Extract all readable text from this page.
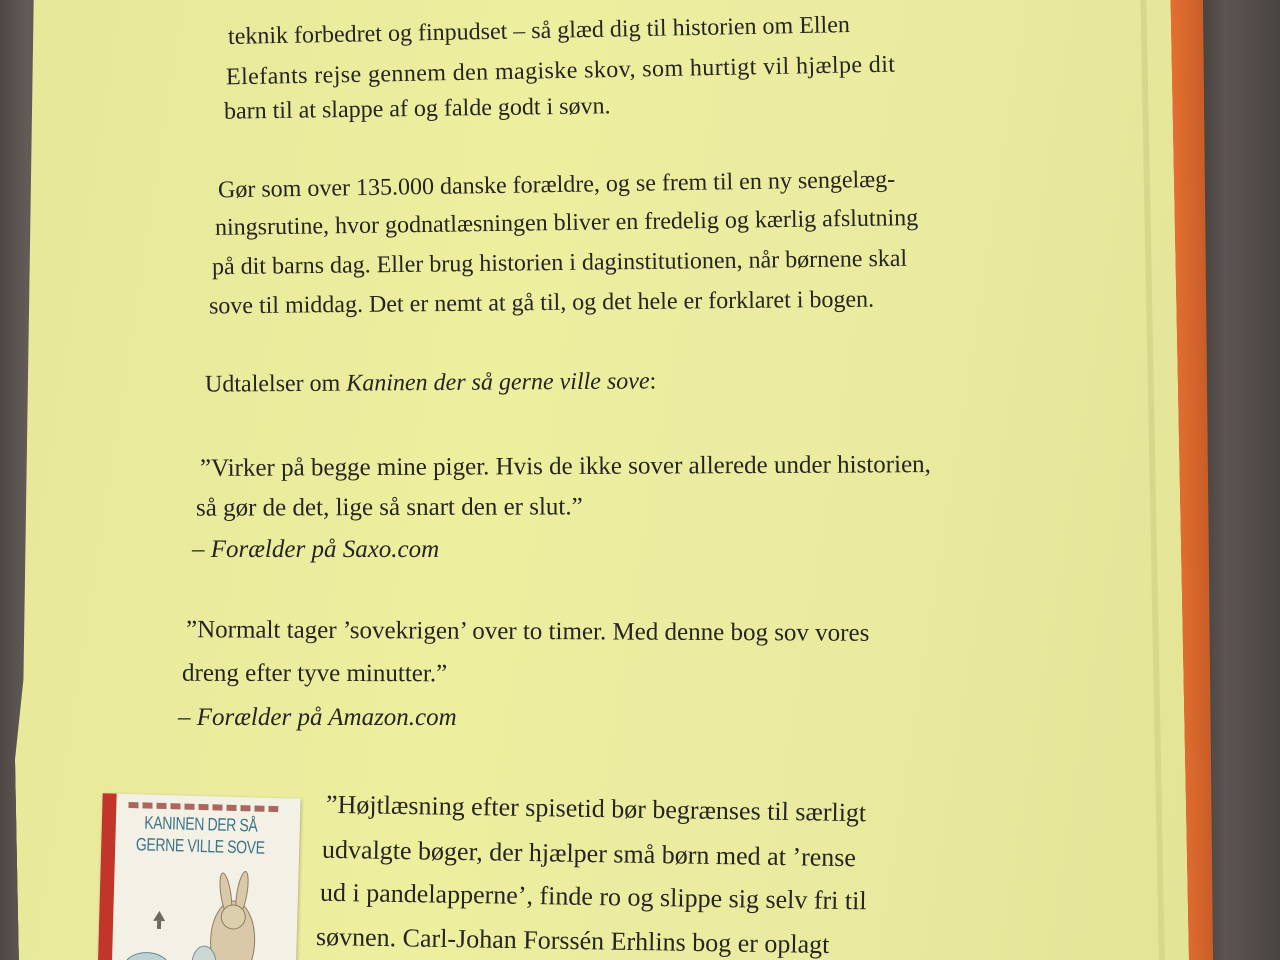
teknik forbedret og finpudset – så glæd dig til historien om Ellen
Elefants rejse gennem den magiske skov, som hurtigt vil hjælpe dit
barn til at slappe af og falde godt i søvn.
Gør som over 135.000 danske forældre, og se frem til en ny sengelæg-
ningsrutine, hvor godnatlæsningen bliver en fredelig og kærlig afslutning
på dit barns dag. Eller brug historien i daginstitutionen, når børnene skal
sove til middag. Det er nemt at gå til, og det hele er forklaret i bogen.
Udtalelser om Kaninen der så gerne ville sove:
”Virker på begge mine piger. Hvis de ikke sover allerede under historien,
så gør de det, lige så snart den er slut.”
– Forælder på Saxo.com
”Normalt tager ’sovekrigen’ over to timer. Med denne bog sov vores
dreng efter tyve minutter.”
– Forælder på Amazon.com
KANINEN DER SÅ
GERNE VILLE SOVE
”Højtlæsning efter spisetid bør begrænses til særligt
udvalgte bøger, der hjælper små børn med at ’rense
ud i pandelapperne’, finde ro og slippe sig selv fri til
søvnen. Carl-Johan Forssén Erhlins bog er oplagt
